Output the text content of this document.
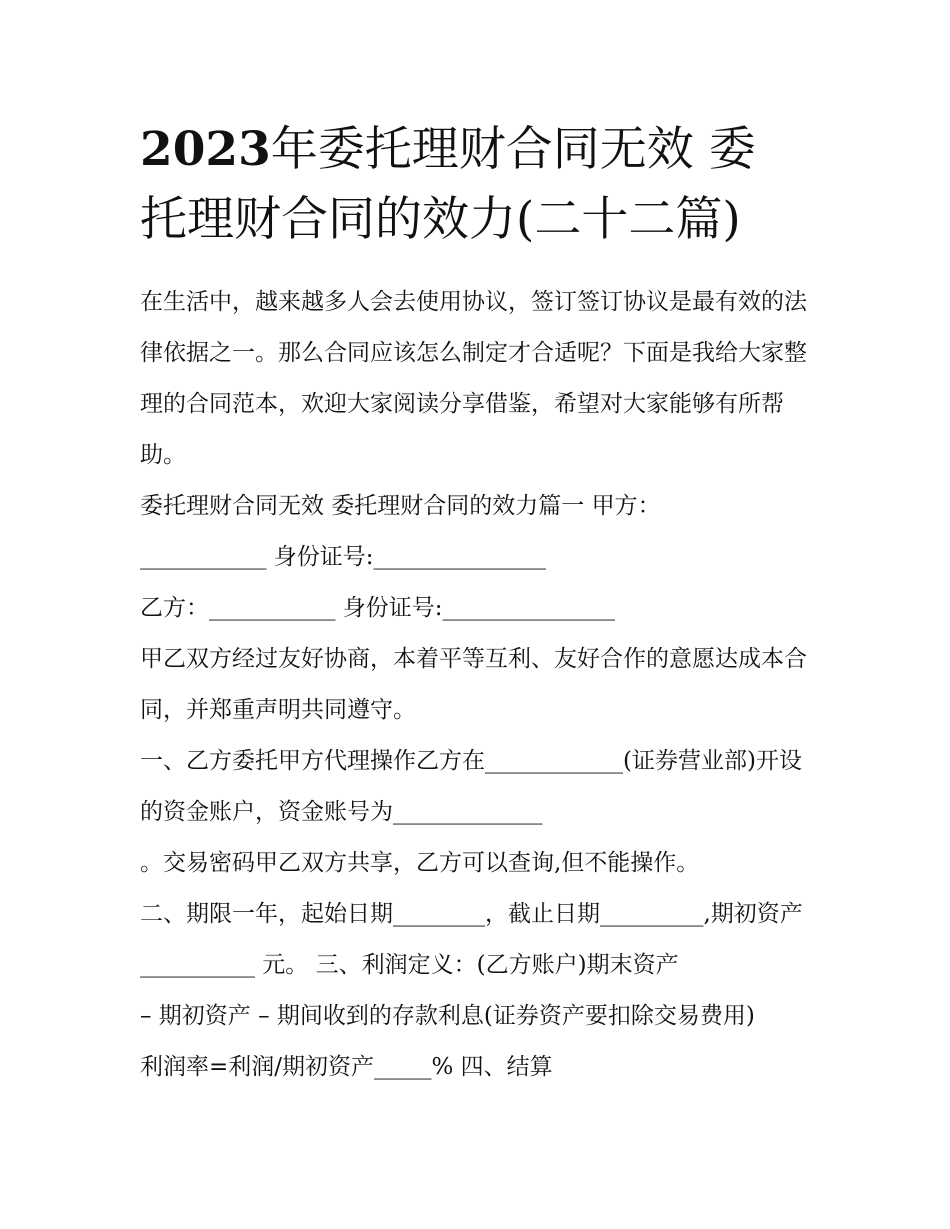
2023年委托理财合同无效 委
托理财合同的效力(二十二篇)

在生活中，越来越多人会去使用协议，签订签订协议是最有效的法律依据之一。那么合同应该怎么制定才合适呢？下面是我给大家整理的合同范本，欢迎大家阅读分享借鉴，希望对大家能够有所帮助。

委托理财合同无效 委托理财合同的效力篇一 甲方：

___________ 身份证号:_______________

乙方：___________ 身份证号:_______________

甲乙双方经过友好协商，本着平等互利、友好合作的意愿达成本合同，并郑重声明共同遵守。

一、乙方委托甲方代理操作乙方在____________(证券营业部)开设的资金账户，资金账号为_____________

。交易密码甲乙双方共享，乙方可以查询,但不能操作。

二、期限一年，起始日期________，截止日期_________,期初资产__________ 元。 三、利润定义：(乙方账户)期末资产

– 期初资产 – 期间收到的存款利息(证券资产要扣除交易费用)

利润率=利润/期初资产_____% 四、结算
